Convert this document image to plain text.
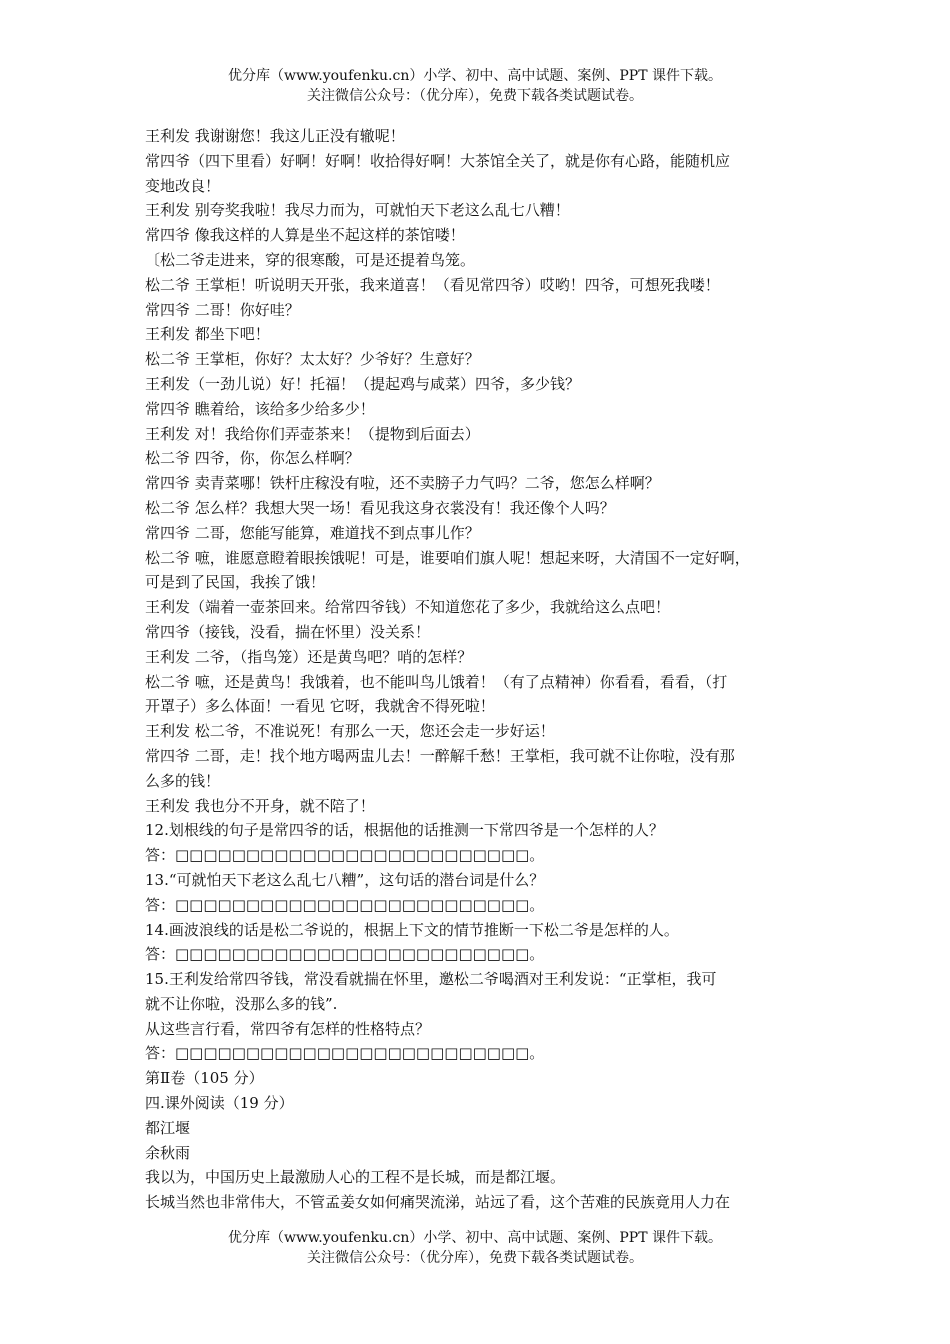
优分库（www.youfenku.cn）小学、初中、高中试题、案例、PPT 课件下载。
关注微信公众号：（优分库），免费下载各类试题试卷。
王利发 我谢谢您！我这儿正没有辙呢！
常四爷（四下里看）好啊！好啊！收拾得好啊！大茶馆全关了，就是你有心路，能随机应
变地改良！
王利发 别夸奖我啦！我尽力而为，可就怕天下老这么乱七八糟！
常四爷 像我这样的人算是坐不起这样的茶馆喽！
〔松二爷走进来，穿的很寒酸，可是还提着鸟笼。
松二爷 王掌柜！听说明天开张，我来道喜！（看见常四爷）哎哟！四爷，可想死我喽！
常四爷 二哥！你好哇？
王利发 都坐下吧！
松二爷 王掌柜，你好？太太好？少爷好？生意好？
王利发（一劲儿说）好！托福！（提起鸡与咸菜）四爷，多少钱？
常四爷 瞧着给，该给多少给多少！
王利发 对！我给你们弄壶茶来！（提物到后面去）
松二爷 四爷，你，你怎么样啊？
常四爷 卖青菜哪！铁杆庄稼没有啦，还不卖膀子力气吗？二爷，您怎么样啊？
松二爷 怎么样？我想大哭一场！看见我这身衣裳没有！我还像个人吗？
常四爷 二哥，您能写能算，难道找不到点事儿作？
松二爷 嗻，谁愿意瞪着眼挨饿呢！可是，谁要咱们旗人呢！想起来呀，大清国不一定好啊，
可是到了民国，我挨了饿！
王利发（端着一壶茶回来。给常四爷钱）不知道您花了多少，我就给这么点吧！
常四爷（接钱，没看，揣在怀里）没关系！
王利发 二爷，（指鸟笼）还是黄鸟吧？哨的怎样？
松二爷 嗻，还是黄鸟！我饿着，也不能叫鸟儿饿着！（有了点精神）你看看，看看，（打
开罩子）多么体面！一看见 它呀，我就舍不得死啦！
王利发 松二爷，不准说死！有那么一天，您还会走一步好运！
常四爷 二哥，走！找个地方喝两盅儿去！一醉解千愁！王掌柜，我可就不让你啦，没有那
么多的钱！
王利发 我也分不开身，就不陪了！
12.划根线的句子是常四爷的话，根据他的话推测一下常四爷是一个怎样的人？
答：□□□□□□□□□□□□□□□□□□□□□□□□□。
13.“可就怕天下老这么乱七八糟”，这句话的潜台词是什么？
答：□□□□□□□□□□□□□□□□□□□□□□□□□。
14.画波浪线的话是松二爷说的，根据上下文的情节推断一下松二爷是怎样的人。
答：□□□□□□□□□□□□□□□□□□□□□□□□□。
15.王利发给常四爷钱，常没看就揣在怀里，邀松二爷喝酒对王利发说：“正掌柜，我可
就不让你啦，没那么多的钱”.
从这些言行看，常四爷有怎样的性格特点？
答：□□□□□□□□□□□□□□□□□□□□□□□□□。
第Ⅱ卷（105 分）
四.课外阅读（19 分）
都江堰
余秋雨
我以为，中国历史上最激励人心的工程不是长城，而是都江堰。
长城当然也非常伟大，不管孟姜女如何痛哭流涕，站远了看，这个苦难的民族竟用人力在
优分库（www.youfenku.cn）小学、初中、高中试题、案例、PPT 课件下载。
关注微信公众号：（优分库），免费下载各类试题试卷。
